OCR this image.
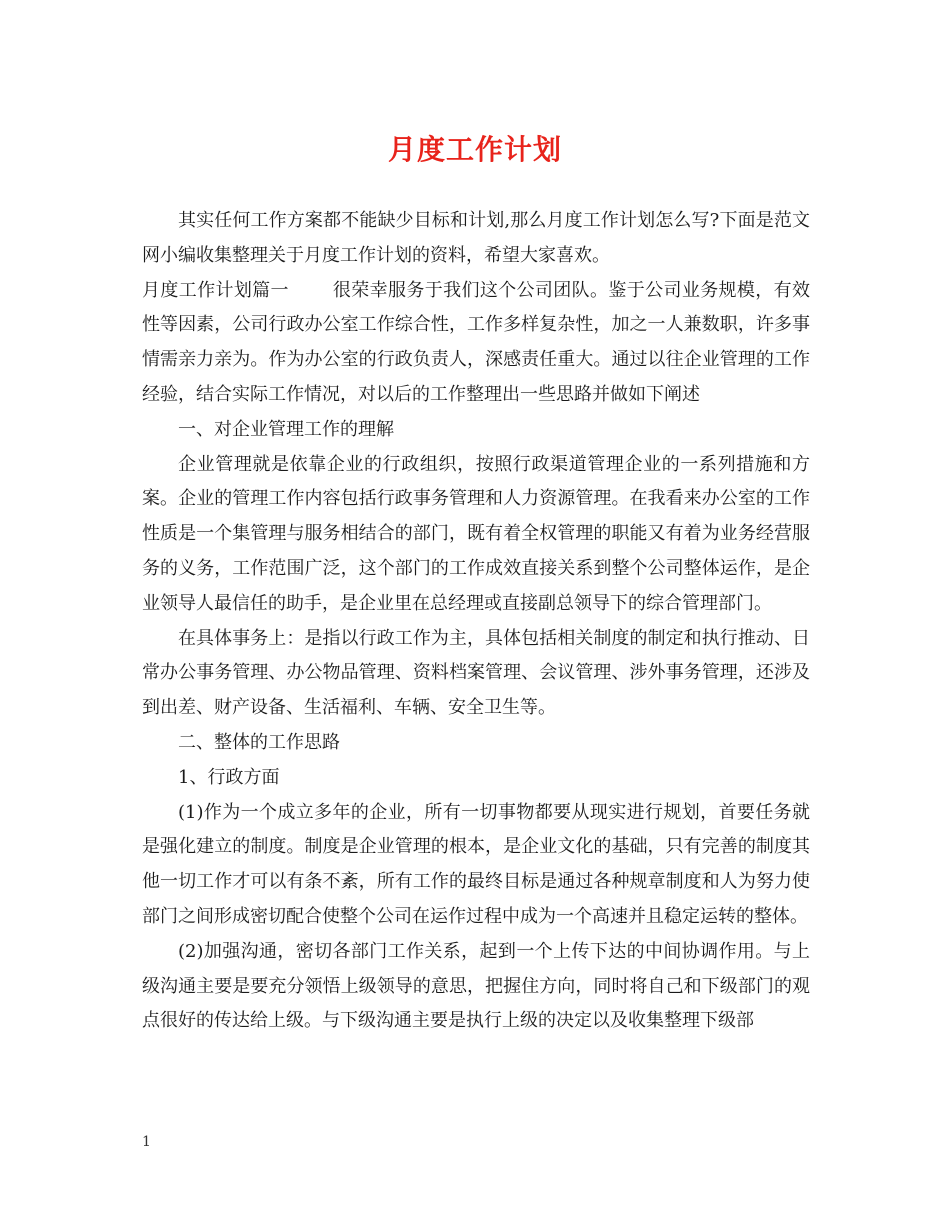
月度工作计划

其实任何工作方案都不能缺少目标和计划,那么月度工作计划怎么写?下面是范文网小编收集整理关于月度工作计划的资料，希望大家喜欢。

月度工作计划篇一 很荣幸服务于我们这个公司团队。鉴于公司业务规模，有效性等因素，公司行政办公室工作综合性，工作多样复杂性，加之一人兼数职，许多事情需亲力亲为。作为办公室的行政负责人，深感责任重大。通过以往企业管理的工作经验，结合实际工作情况，对以后的工作整理出一些思路并做如下阐述

一、对企业管理工作的理解

企业管理就是依靠企业的行政组织，按照行政渠道管理企业的一系列措施和方案。企业的管理工作内容包括行政事务管理和人力资源管理。在我看来办公室的工作性质是一个集管理与服务相结合的部门，既有着全权管理的职能又有着为业务经营服务的义务，工作范围广泛，这个部门的工作成效直接关系到整个公司整体运作，是企业领导人最信任的助手，是企业里在总经理或直接副总领导下的综合管理部门。

在具体事务上：是指以行政工作为主，具体包括相关制度的制定和执行推动、日常办公事务管理、办公物品管理、资料档案管理、会议管理、涉外事务管理，还涉及到出差、财产设备、生活福利、车辆、安全卫生等。

二、整体的工作思路

1、行政方面

(1)作为一个成立多年的企业，所有一切事物都要从现实进行规划，首要任务就是强化建立的制度。制度是企业管理的根本，是企业文化的基础，只有完善的制度其他一切工作才可以有条不紊，所有工作的最终目标是通过各种规章制度和人为努力使部门之间形成密切配合使整个公司在运作过程中成为一个高速并且稳定运转的整体。

(2)加强沟通，密切各部门工作关系，起到一个上传下达的中间协调作用。与上级沟通主要是要充分领悟上级领导的意思，把握住方向，同时将自己和下级部门的观点很好的传达给上级。与下级沟通主要是执行上级的决定以及收集整理下级部

1
